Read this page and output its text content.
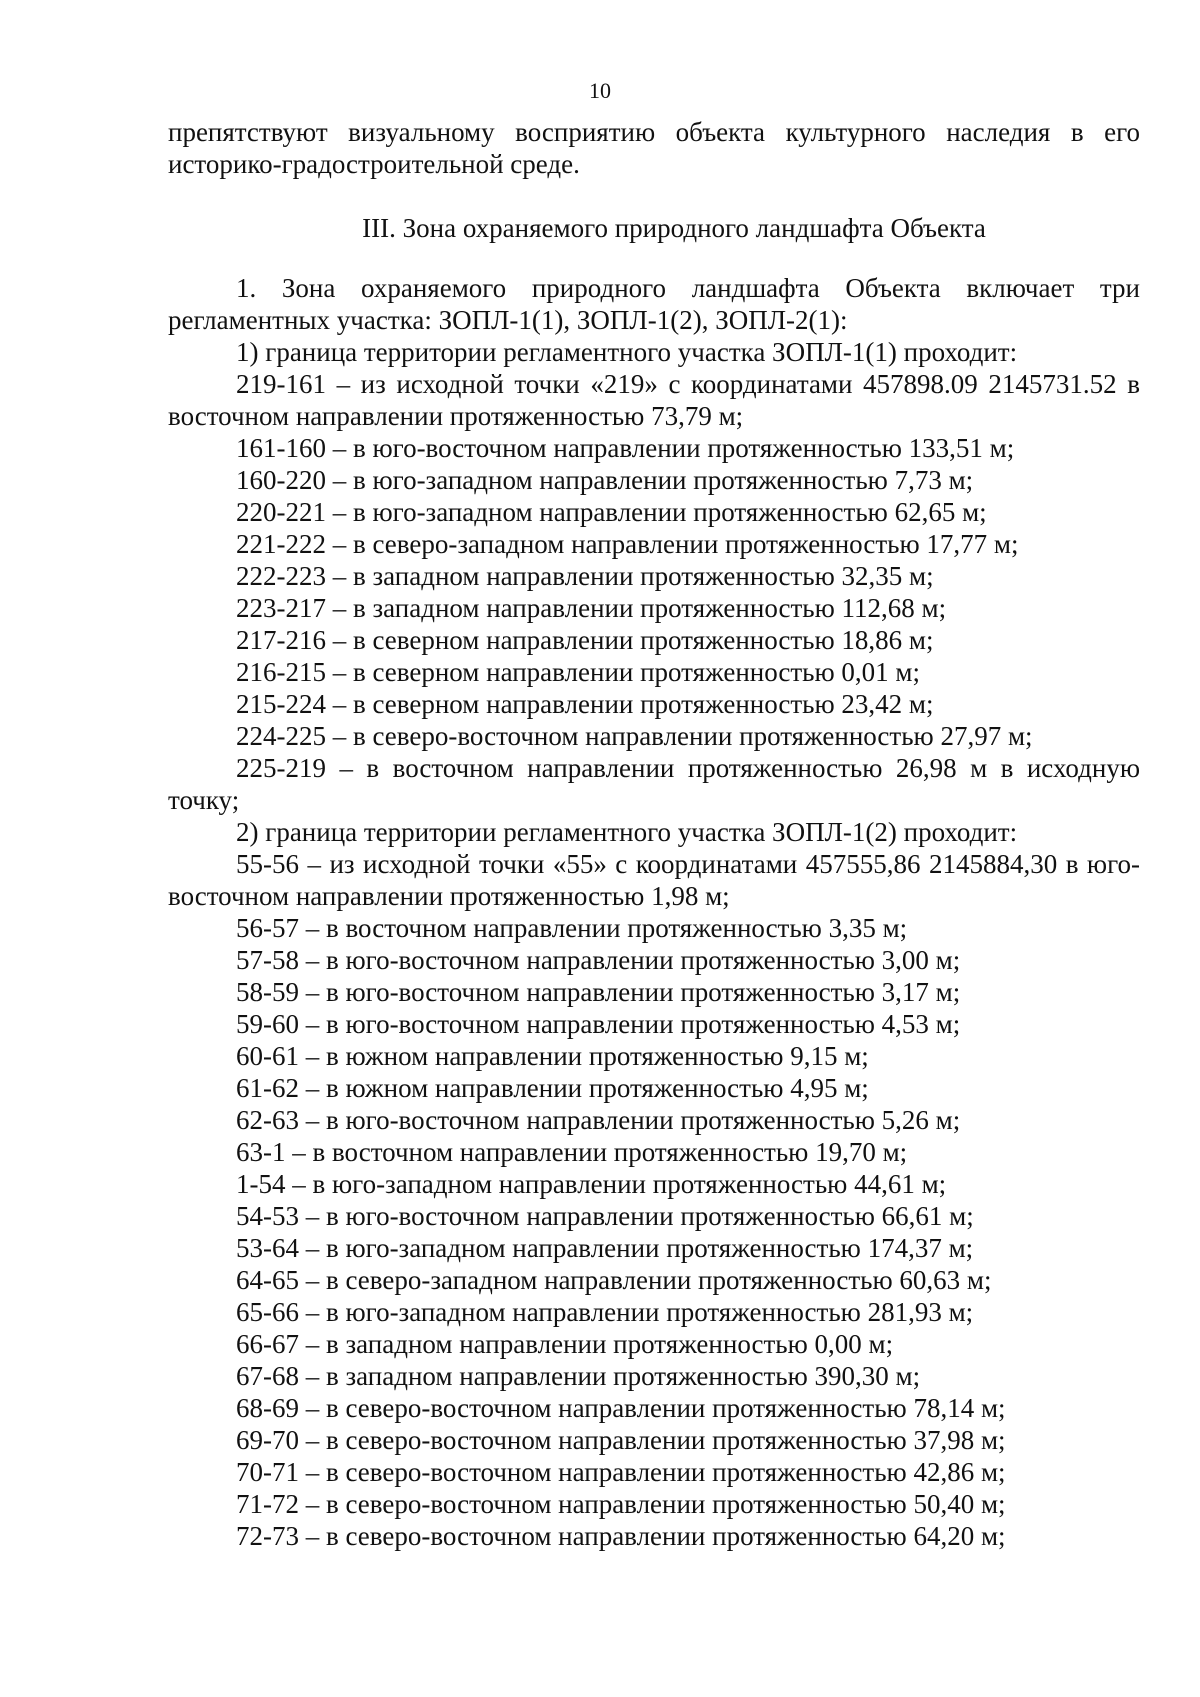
10

препятствуют визуальному восприятию объекта культурного наследия в его историко-градостроительной среде.

III. Зона охраняемого природного ландшафта Объекта

1. Зона охраняемого природного ландшафта Объекта включает три регламентных участка: ЗОПЛ-1(1), ЗОПЛ-1(2), ЗОПЛ-2(1):

1) граница территории регламентного участка ЗОПЛ-1(1) проходит:

219-161 – из исходной точки «219» с координатами 457898.09 2145731.52 в восточном направлении протяженностью 73,79 м;

161-160 – в юго-восточном направлении протяженностью 133,51 м;

160-220 – в юго-западном направлении протяженностью 7,73 м;

220-221 – в юго-западном направлении протяженностью 62,65 м;

221-222 – в северо-западном направлении протяженностью 17,77 м;

222-223 – в западном направлении протяженностью 32,35 м;

223-217 – в западном направлении протяженностью 112,68 м;

217-216 – в северном направлении протяженностью 18,86 м;

216-215 – в северном направлении протяженностью 0,01 м;

215-224 – в северном направлении протяженностью 23,42 м;

224-225 – в северо-восточном направлении протяженностью 27,97 м;

225-219 – в восточном направлении протяженностью 26,98 м в исходную точку;

2) граница территории регламентного участка ЗОПЛ-1(2) проходит:

55-56 – из исходной точки «55» с координатами 457555,86 2145884,30 в юго-восточном направлении протяженностью 1,98 м;

56-57 – в восточном направлении протяженностью 3,35 м;

57-58 – в юго-восточном направлении протяженностью 3,00 м;

58-59 – в юго-восточном направлении протяженностью 3,17 м;

59-60 – в юго-восточном направлении протяженностью 4,53 м;

60-61 – в южном направлении протяженностью 9,15 м;

61-62 – в южном направлении протяженностью 4,95 м;

62-63 – в юго-восточном направлении протяженностью 5,26 м;

63-1 – в восточном направлении протяженностью 19,70 м;

1-54 – в юго-западном направлении протяженностью 44,61 м;

54-53 – в юго-восточном направлении протяженностью 66,61 м;

53-64 – в юго-западном направлении протяженностью 174,37 м;

64-65 – в северо-западном направлении протяженностью 60,63 м;

65-66 – в юго-западном направлении протяженностью 281,93 м;

66-67 – в западном направлении протяженностью 0,00 м;

67-68 – в западном направлении протяженностью 390,30 м;

68-69 – в северо-восточном направлении протяженностью 78,14 м;

69-70 – в северо-восточном направлении протяженностью 37,98 м;

70-71 – в северо-восточном направлении протяженностью 42,86 м;

71-72 – в северо-восточном направлении протяженностью 50,40 м;

72-73 – в северо-восточном направлении протяженностью 64,20 м;
